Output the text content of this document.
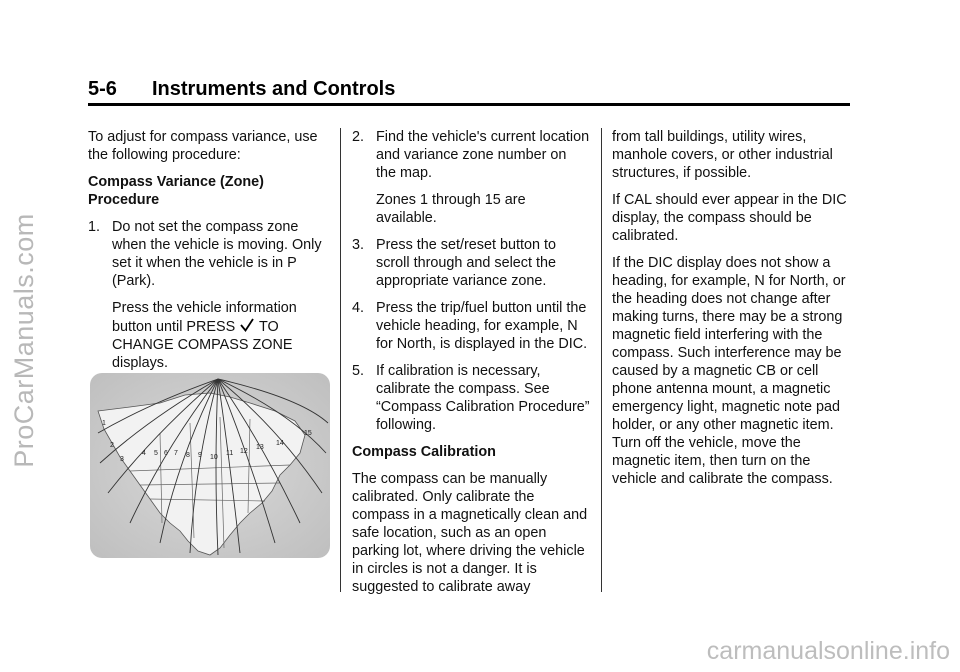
ProCarManuals.com
5-6 Instruments and Controls

To adjust for compass variance, use the following procedure:

Compass Variance (Zone) Procedure

1. Do not set the compass zone when the vehicle is moving. Only set it when the vehicle is in P (Park).

Press the vehicle information button until PRESS TO CHANGE COMPASS ZONE displays.

1
2
3
4 5 6 7 8 9 10
11 12
13
14
15
2. Find the vehicle's current location and variance zone number on the map.

Zones 1 through 15 are available.

3. Press the set/reset button to scroll through and select the appropriate variance zone.
4. Press the trip/fuel button until the vehicle heading, for example, N for North, is displayed in the DIC.
5. If calibration is necessary, calibrate the compass. See “Compass Calibration Procedure” following.

Compass Calibration

The compass can be manually calibrated. Only calibrate the compass in a magnetically clean and safe location, such as an open parking lot, where driving the vehicle in circles is not a danger. It is suggested to calibrate away

from tall buildings, utility wires, manhole covers, or other industrial structures, if possible.

If CAL should ever appear in the DIC display, the compass should be calibrated.

If the DIC display does not show a heading, for example, N for North, or the heading does not change after making turns, there may be a strong magnetic field interfering with the compass. Such interference may be caused by a magnetic CB or cell phone antenna mount, a magnetic emergency light, magnetic note pad holder, or any other magnetic item. Turn off the vehicle, move the magnetic item, then turn on the vehicle and calibrate the compass.

carmanualsonline.info
